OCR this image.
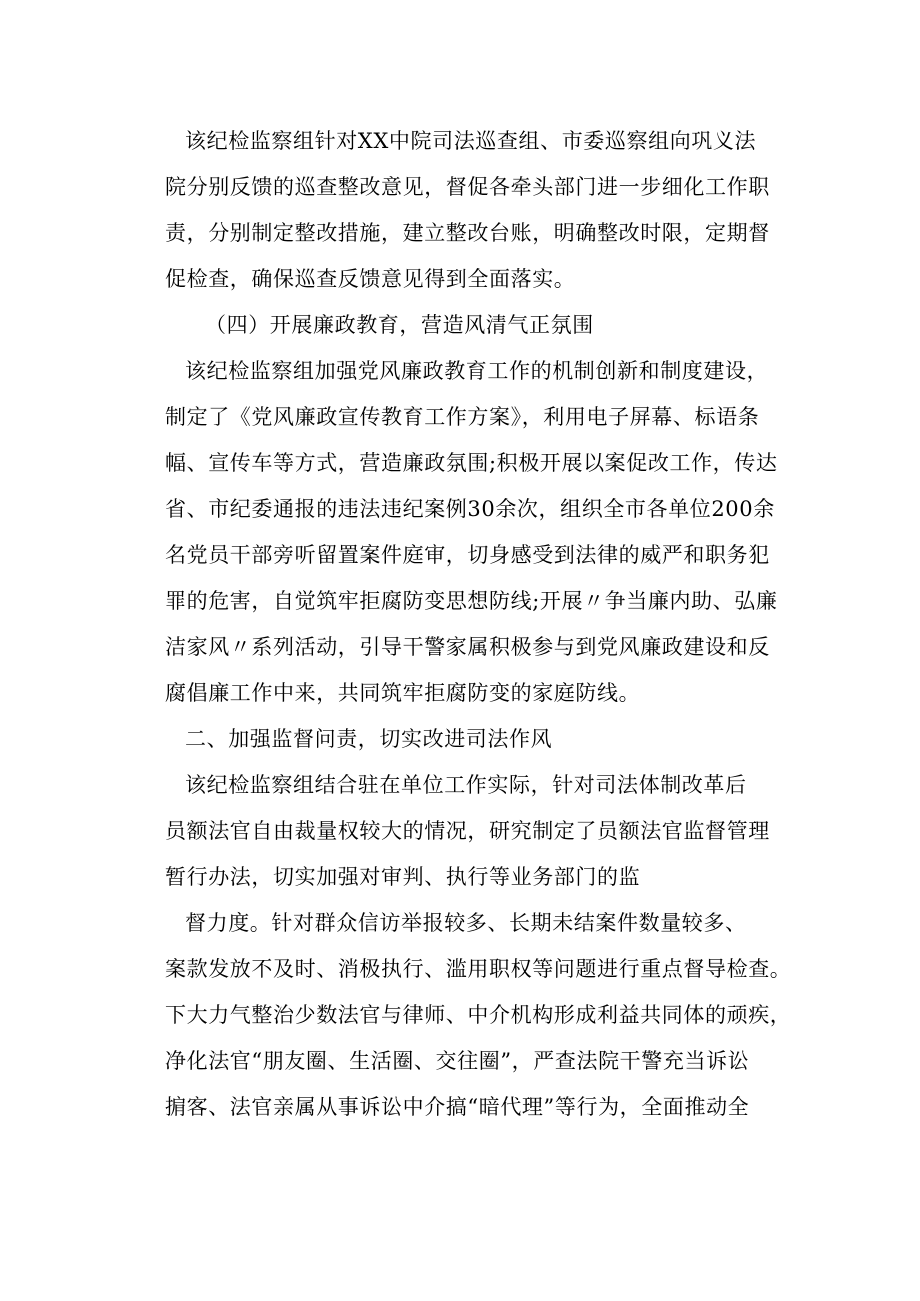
该纪检监察组针对XX中院司法巡查组、市委巡察组向巩义法
院分别反馈的巡查整改意见，督促各牵头部门进一步细化工作职
责，分别制定整改措施，建立整改台账，明确整改时限，定期督
促检查，确保巡查反馈意见得到全面落实。
（四）开展廉政教育，营造风清气正氛围
该纪检监察组加强党风廉政教育工作的机制创新和制度建设，
制定了《党风廉政宣传教育工作方案》，利用电子屏幕、标语条
幅、宣传车等方式，营造廉政氛围;积极开展以案促改工作，传达
省、市纪委通报的违法违纪案例30余次，组织全市各单位200余
名党员干部旁听留置案件庭审，切身感受到法律的威严和职务犯
罪的危害，自觉筑牢拒腐防变思想防线;开展〃争当廉内助、弘廉
洁家风〃系列活动，引导干警家属积极参与到党风廉政建设和反
腐倡廉工作中来，共同筑牢拒腐防变的家庭防线。
二、加强监督问责，切实改进司法作风
该纪检监察组结合驻在单位工作实际，针对司法体制改革后
员额法官自由裁量权较大的情况，研究制定了员额法官监督管理
暂行办法，切实加强对审判、执行等业务部门的监
督力度。针对群众信访举报较多、长期未结案件数量较多、
案款发放不及时、消极执行、滥用职权等问题进行重点督导检查。
下大力气整治少数法官与律师、中介机构形成利益共同体的顽疾，
净化法官“朋友圈、生活圈、交往圈”，严查法院干警充当诉讼
掮客、法官亲属从事诉讼中介搞“暗代理”等行为，全面推动全
